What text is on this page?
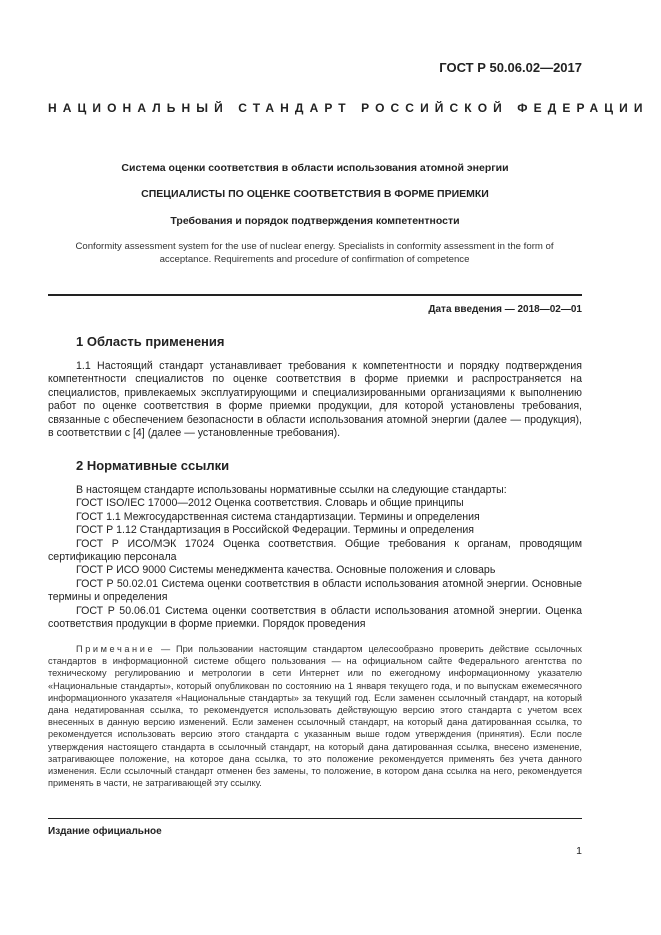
ГОСТ Р 50.06.02—2017
НАЦИОНАЛЬНЫЙ СТАНДАРТ РОССИЙСКОЙ ФЕДЕРАЦИИ
Система оценки соответствия в области использования атомной энергии
СПЕЦИАЛИСТЫ ПО ОЦЕНКЕ СООТВЕТСТВИЯ В ФОРМЕ ПРИЕМКИ
Требования и порядок подтверждения компетентности
Conformity assessment system for the use of nuclear energy. Specialists in conformity assessment in the form of acceptance. Requirements and procedure of confirmation of competence
Дата введения — 2018—02—01
1 Область применения

1.1 Настоящий стандарт устанавливает требования к компетентности и порядку подтверждения компетентности специалистов по оценке соответствия в форме приемки и распространяется на специалистов, привлекаемых эксплуатирующими и специализированными организациями к выполнению работ по оценке соответствия в форме приемки продукции, для которой установлены требования, связанные с обеспечением безопасности в области использования атомной энергии (далее — продукция), в соответствии с [4] (далее — установленные требования).

2 Нормативные ссылки

В настоящем стандарте использованы нормативные ссылки на следующие стандарты:

ГОСТ ISO/IEC 17000—2012 Оценка соответствия. Словарь и общие принципы

ГОСТ 1.1 Межгосударственная система стандартизации. Термины и определения

ГОСТ Р 1.12 Стандартизация в Российской Федерации. Термины и определения

ГОСТ Р ИСО/МЭК 17024 Оценка соответствия. Общие требования к органам, проводящим сертификацию персонала

ГОСТ Р ИСО 9000 Системы менеджмента качества. Основные положения и словарь

ГОСТ Р 50.02.01 Система оценки соответствия в области использования атомной энергии. Основные термины и определения

ГОСТ Р 50.06.01 Система оценки соответствия в области использования атомной энергии. Оценка соответствия продукции в форме приемки. Порядок проведения

Примечание — При пользовании настоящим стандартом целесообразно проверить действие ссылочных стандартов в информационной системе общего пользования — на официальном сайте Федерального агентства по техническому регулированию и метрологии в сети Интернет или по ежегодному информационному указателю «Национальные стандарты», который опубликован по состоянию на 1 января текущего года, и по выпускам ежемесячного информационного указателя «Национальные стандарты» за текущий год. Если заменен ссылочный стандарт, на который дана недатированная ссылка, то рекомендуется использовать действующую версию этого стандарта с учетом всех внесенных в данную версию изменений. Если заменен ссылочный стандарт, на который дана датированная ссылка, то рекомендуется использовать версию этого стандарта с указанным выше годом утверждения (принятия). Если после утверждения настоящего стандарта в ссылочный стандарт, на который дана датированная ссылка, внесено изменение, затрагивающее положение, на которое дана ссылка, то это положение рекомендуется применять без учета данного изменения. Если ссылочный стандарт отменен без замены, то положение, в котором дана ссылка на него, рекомендуется применять в части, не затрагивающей эту ссылку.

Издание официальное
1
